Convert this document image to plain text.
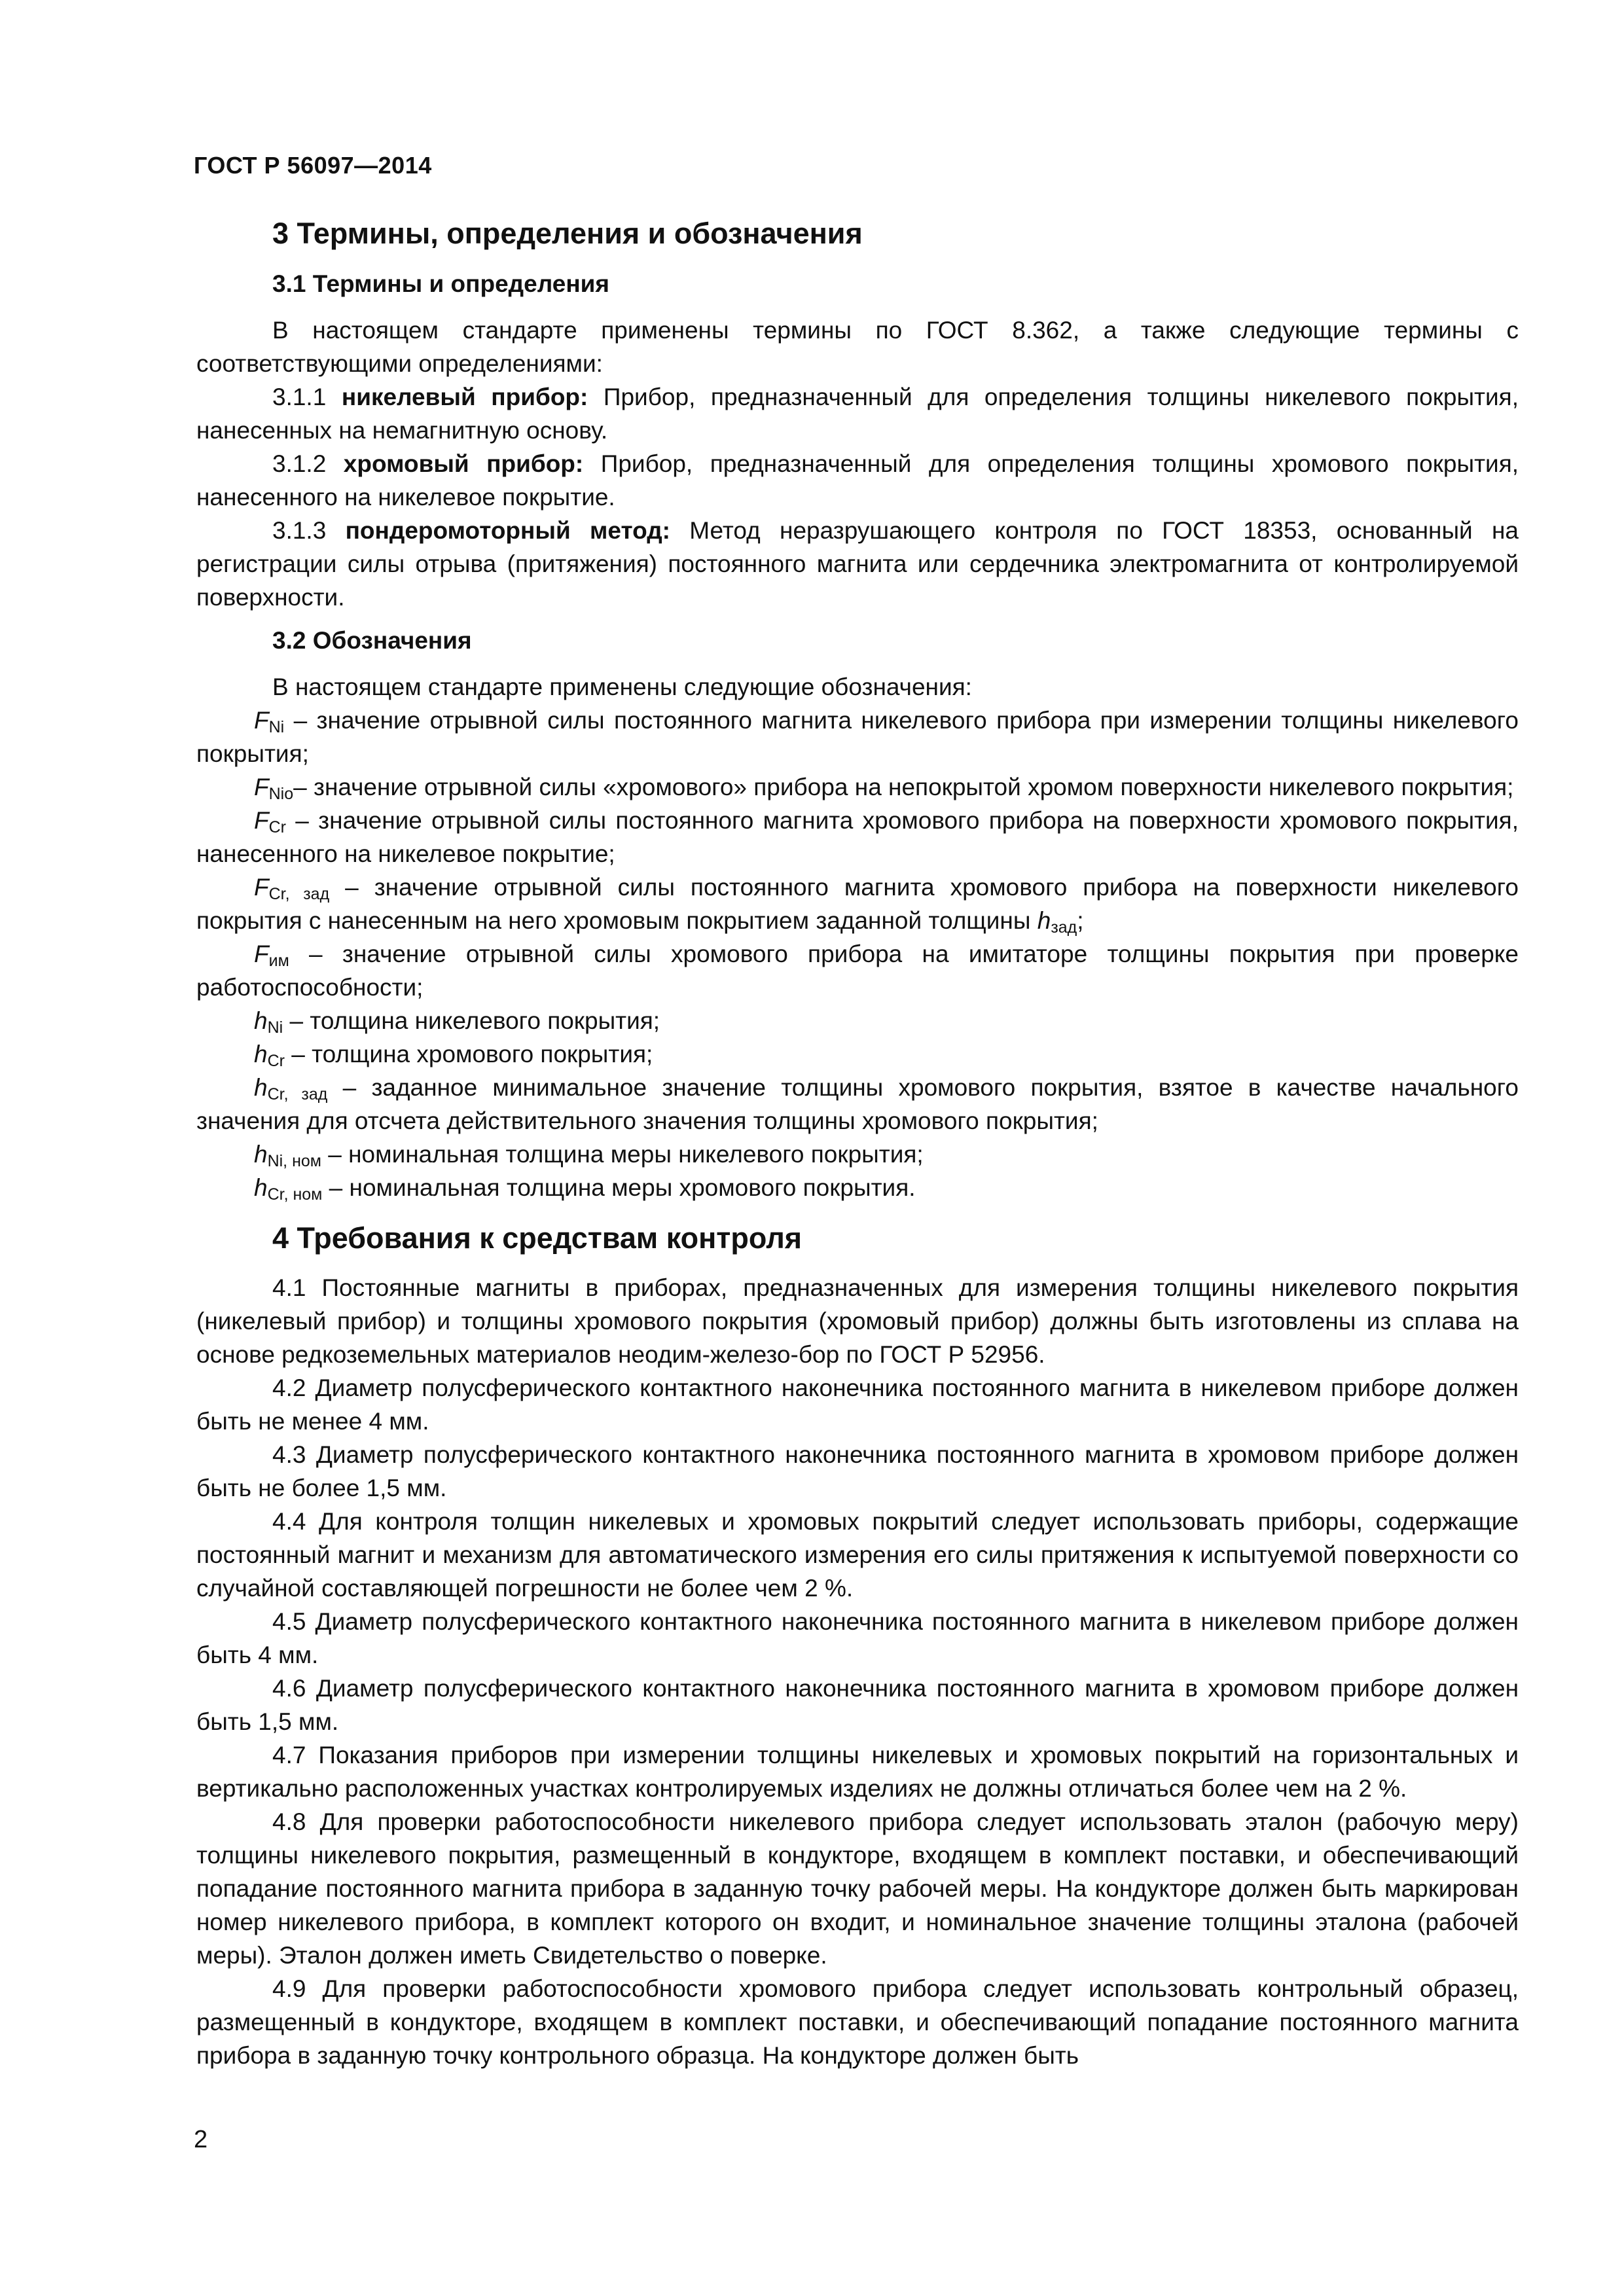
ГОСТ Р 56097—2014
3 Термины, определения и обозначения
3.1 Термины и определения

В настоящем стандарте применены термины по ГОСТ 8.362, а также следующие термины с соответствующими определениями:

3.1.1 никелевый прибор: Прибор, предназначенный для определения толщины никелевого покрытия, нанесенных на немагнитную основу.

3.1.2 хромовый прибор: Прибор, предназначенный для определения толщины хромового покрытия, нанесенного на никелевое покрытие.

3.1.3 пондеромоторный метод: Метод неразрушающего контроля по ГОСТ 18353, основанный на регистрации силы отрыва (притяжения) постоянного магнита или сердечника электромагнита от контролируемой поверхности.

3.2 Обозначения

В настоящем стандарте применены следующие обозначения:

$F_{Ni}$ – значение отрывной силы постоянного магнита никелевого прибора при измерении толщины никелевого покрытия;

$F_{Nio}-$ значение отрывной силы «хромового» прибора на непокрытой хромом поверхности никелевого покрытия;

$F_{Cr}$ – значение отрывной силы постоянного магнита хромового прибора на поверхности хромового покрытия, нанесенного на никелевое покрытие;

$F_{Cr, зад}$ – значение отрывной силы постоянного магнита хромового прибора на поверхности никелевого покрытия с нанесенным на него хромовым покрытием заданной толщины $h_{зад}$;

$F_{им}$ – значение отрывной силы хромового прибора на имитаторе толщины покрытия при проверке работоспособности;

$h_{Ni}$ – толщина никелевого покрытия;

$h_{Cr}$ – толщина хромового покрытия;

$h_{Cr, зад}$ – заданное минимальное значение толщины хромового покрытия, взятое в качестве начального значения для отсчета действительного значения толщины хромового покрытия;

$h_{Ni, ном}$ – номинальная толщина меры никелевого покрытия;

$h_{Cr, ном}$ – номинальная толщина меры хромового покрытия.

4 Требования к средствам контроля

4.1 Постоянные магниты в приборах, предназначенных для измерения толщины никелевого покрытия (никелевый прибор) и толщины хромового покрытия (хромовый прибор) должны быть изготовлены из сплава на основе редкоземельных материалов неодим-железо-бор по ГОСТ Р 52956.

4.2 Диаметр полусферического контактного наконечника постоянного магнита в никелевом приборе должен быть не менее 4 мм.

4.3 Диаметр полусферического контактного наконечника постоянного магнита в хромовом приборе должен быть не более 1,5 мм.

4.4 Для контроля толщин никелевых и хромовых покрытий следует использовать приборы, содержащие постоянный магнит и механизм для автоматического измерения его силы притяжения к испытуемой поверхности со случайной составляющей погрешности не более чем 2 %.

4.5 Диаметр полусферического контактного наконечника постоянного магнита в никелевом приборе должен быть 4 мм.

4.6 Диаметр полусферического контактного наконечника постоянного магнита в хромовом приборе должен быть 1,5 мм.

4.7 Показания приборов при измерении толщины никелевых и хромовых покрытий на горизонтальных и вертикально расположенных участках контролируемых изделиях не должны отличаться более чем на 2 %.

4.8 Для проверки работоспособности никелевого прибора следует использовать эталон (рабочую меру) толщины никелевого покрытия, размещенный в кондукторе, входящем в комплект поставки, и обеспечивающий попадание постоянного магнита прибора в заданную точку рабочей меры. На кондукторе должен быть маркирован номер никелевого прибора, в комплект которого он входит, и номинальное значение толщины эталона (рабочей меры). Эталон должен иметь Свидетельство о поверке.

4.9 Для проверки работоспособности хромового прибора следует использовать контрольный образец, размещенный в кондукторе, входящем в комплект поставки, и обеспечивающий попадание постоянного магнита прибора в заданную точку контрольного образца. На кондукторе должен быть

2
